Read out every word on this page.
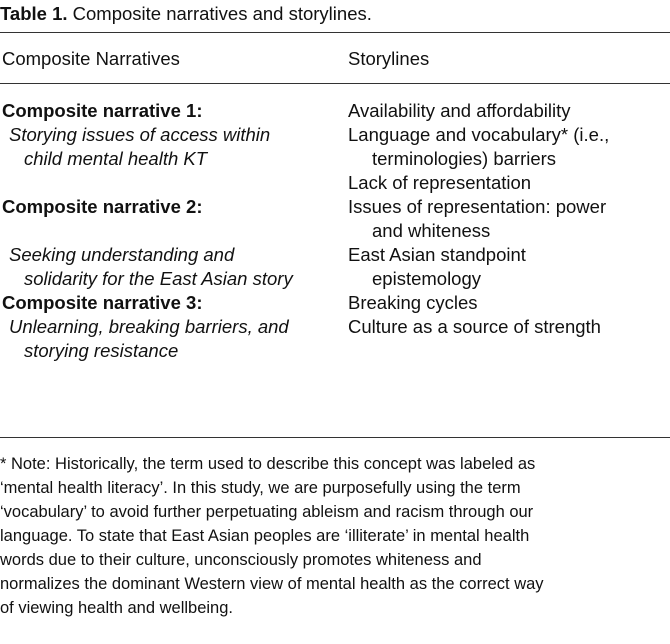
Table 1. Composite narratives and storylines.
Composite Narratives	Storylines
Composite narrative 1:
Storying issues of access within
child mental health KT
Availability and affordability
Language and vocabulary* (i.e.,
terminologies) barriers
Lack of representation
Composite narrative 2:
Seeking understanding and
solidarity for the East Asian story
Issues of representation: power
and whiteness
East Asian standpoint
epistemology
Composite narrative 3:
Unlearning, breaking barriers, and
storying resistance
Breaking cycles
Culture as a source of strength
* Note: Historically, the term used to describe this concept was labeled as
‘mental health literacy’. In this study, we are purposefully using the term
‘vocabulary’ to avoid further perpetuating ableism and racism through our
language. To state that East Asian peoples are ‘illiterate’ in mental health
words due to their culture, unconsciously promotes whiteness and
normalizes the dominant Western view of mental health as the correct way
of viewing health and wellbeing.
